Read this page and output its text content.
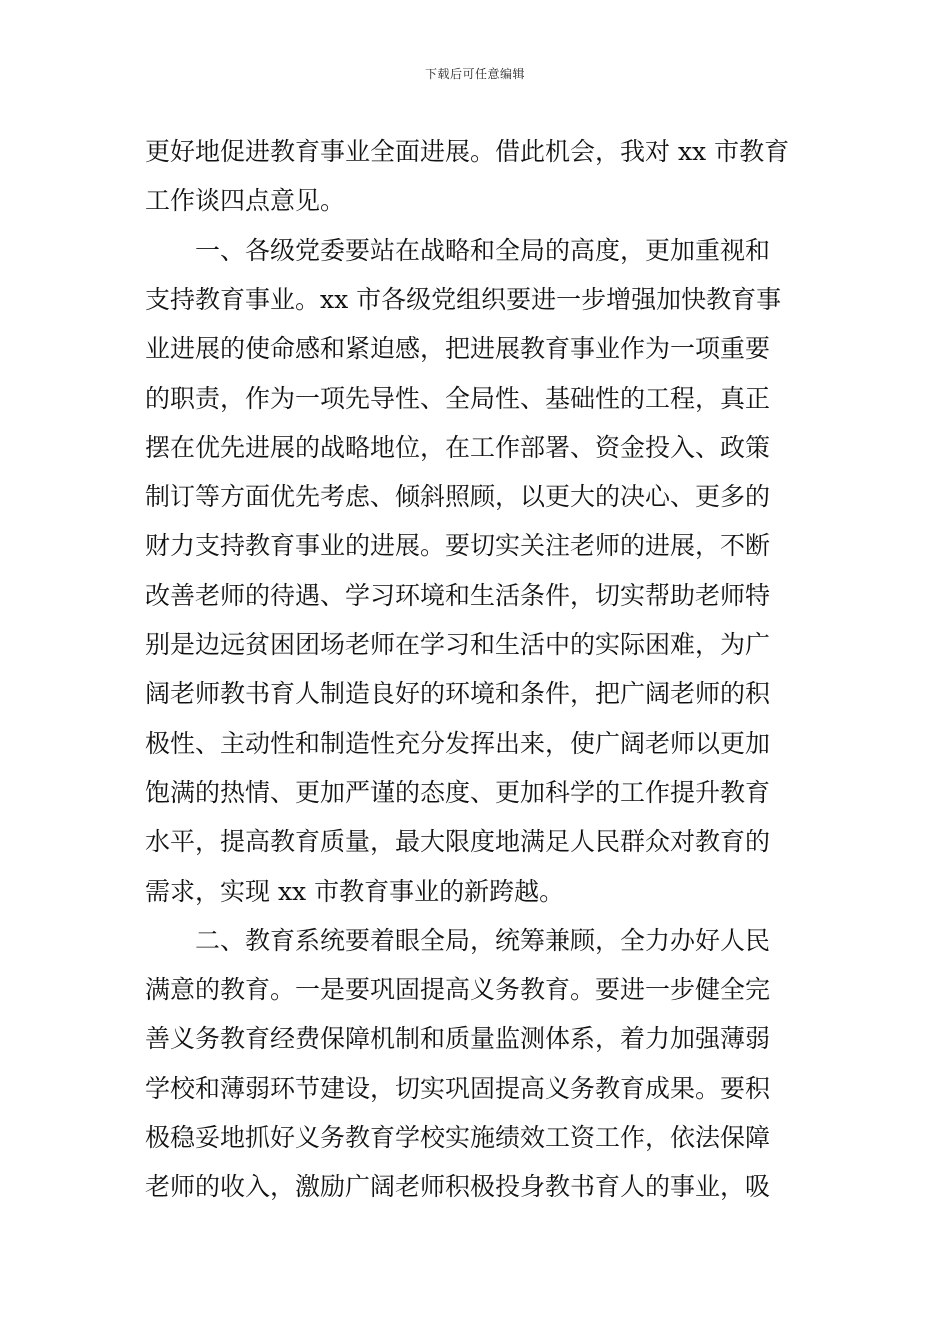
下载后可任意编辑
更好地促进教育事业全面进展。借此机会，我对 xx 市教育
工作谈四点意见。
一、各级党委要站在战略和全局的高度，更加重视和
支持教育事业。xx 市各级党组织要进一步增强加快教育事
业进展的使命感和紧迫感，把进展教育事业作为一项重要
的职责，作为一项先导性、全局性、基础性的工程，真正
摆在优先进展的战略地位，在工作部署、资金投入、政策
制订等方面优先考虑、倾斜照顾，以更大的决心、更多的
财力支持教育事业的进展。要切实关注老师的进展，不断
改善老师的待遇、学习环境和生活条件，切实帮助老师特
别是边远贫困团场老师在学习和生活中的实际困难，为广
阔老师教书育人制造良好的环境和条件，把广阔老师的积
极性、主动性和制造性充分发挥出来，使广阔老师以更加
饱满的热情、更加严谨的态度、更加科学的工作提升教育
水平，提高教育质量，最大限度地满足人民群众对教育的
需求，实现 xx 市教育事业的新跨越。
二、教育系统要着眼全局，统筹兼顾，全力办好人民
满意的教育。一是要巩固提高义务教育。要进一步健全完
善义务教育经费保障机制和质量监测体系，着力加强薄弱
学校和薄弱环节建设，切实巩固提高义务教育成果。要积
极稳妥地抓好义务教育学校实施绩效工资工作，依法保障
老师的收入，激励广阔老师积极投身教书育人的事业，吸
